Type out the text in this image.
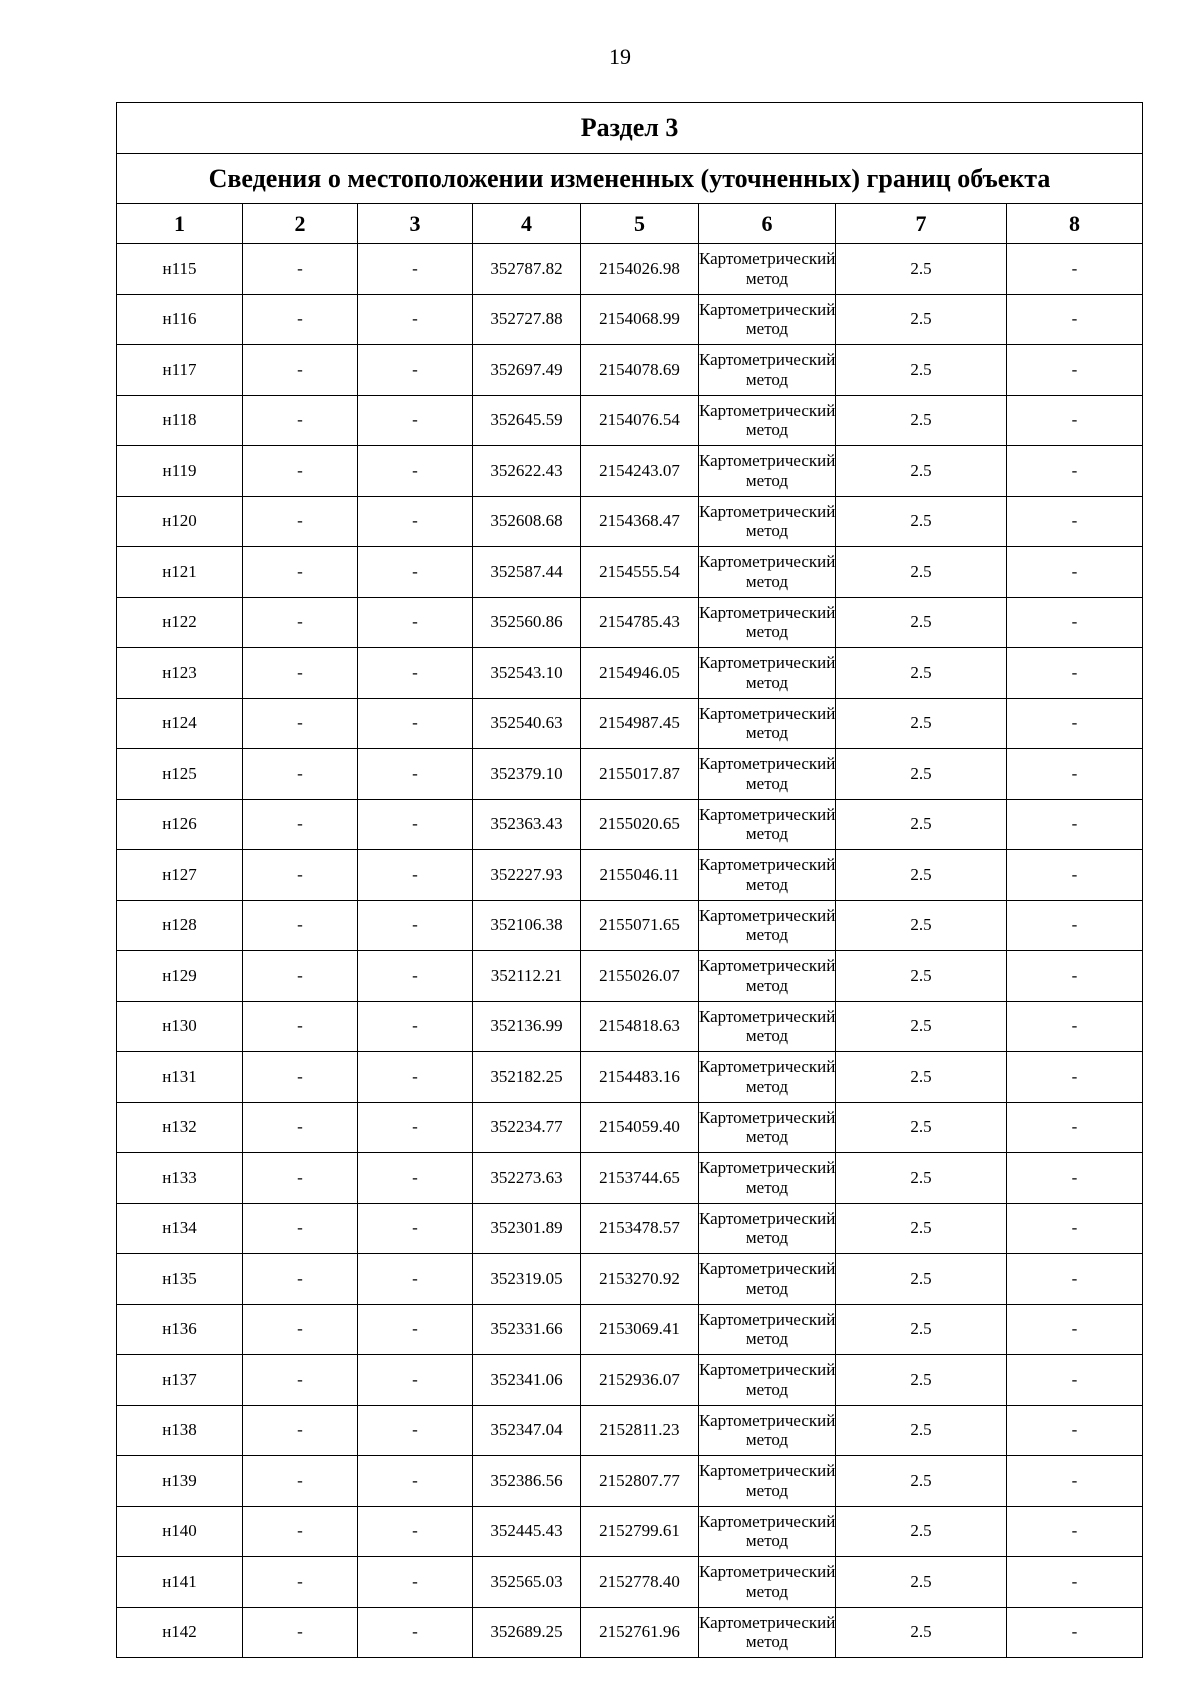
19
Раздел 3							
Сведения о местоположении измененных (уточненных) границ объекта							
1	2	3	4	5	6	7	8
н115	-	-	352787.82	2154026.98	Картометрический метод	2.5	-
н116	-	-	352727.88	2154068.99	Картометрический метод	2.5	-
н117	-	-	352697.49	2154078.69	Картометрический метод	2.5	-
н118	-	-	352645.59	2154076.54	Картометрический метод	2.5	-
н119	-	-	352622.43	2154243.07	Картометрический метод	2.5	-
н120	-	-	352608.68	2154368.47	Картометрический метод	2.5	-
н121	-	-	352587.44	2154555.54	Картометрический метод	2.5	-
н122	-	-	352560.86	2154785.43	Картометрический метод	2.5	-
н123	-	-	352543.10	2154946.05	Картометрический метод	2.5	-
н124	-	-	352540.63	2154987.45	Картометрический метод	2.5	-
н125	-	-	352379.10	2155017.87	Картометрический метод	2.5	-
н126	-	-	352363.43	2155020.65	Картометрический метод	2.5	-
н127	-	-	352227.93	2155046.11	Картометрический метод	2.5	-
н128	-	-	352106.38	2155071.65	Картометрический метод	2.5	-
н129	-	-	352112.21	2155026.07	Картометрический метод	2.5	-
н130	-	-	352136.99	2154818.63	Картометрический метод	2.5	-
н131	-	-	352182.25	2154483.16	Картометрический метод	2.5	-
н132	-	-	352234.77	2154059.40	Картометрический метод	2.5	-
н133	-	-	352273.63	2153744.65	Картометрический метод	2.5	-
н134	-	-	352301.89	2153478.57	Картометрический метод	2.5	-
н135	-	-	352319.05	2153270.92	Картометрический метод	2.5	-
н136	-	-	352331.66	2153069.41	Картометрический метод	2.5	-
н137	-	-	352341.06	2152936.07	Картометрический метод	2.5	-
н138	-	-	352347.04	2152811.23	Картометрический метод	2.5	-
н139	-	-	352386.56	2152807.77	Картометрический метод	2.5	-
н140	-	-	352445.43	2152799.61	Картометрический метод	2.5	-
н141	-	-	352565.03	2152778.40	Картометрический метод	2.5	-
н142	-	-	352689.25	2152761.96	Картометрический метод	2.5	-
